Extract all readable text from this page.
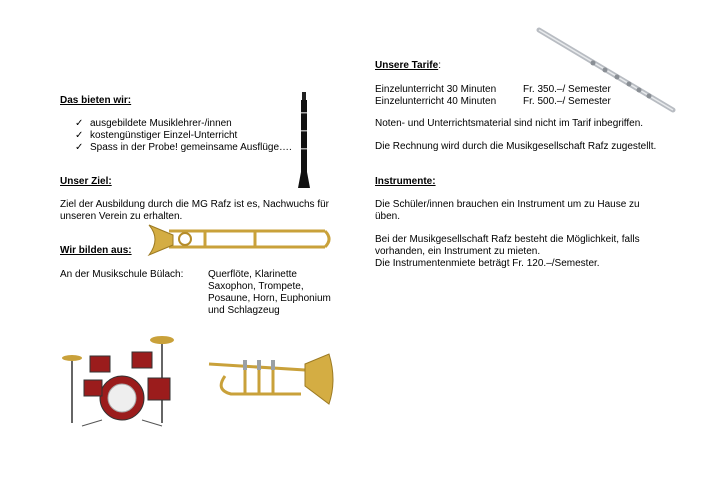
Das bieten wir:
✓ ausgebildete Musiklehrer-/innen
✓ kostengünstiger Einzel-Unterricht
✓ Spass in der Probe! gemeinsame Ausflüge….
Unser Ziel:
Ziel der Ausbildung durch die MG Rafz ist es, Nachwuchs für
unseren Verein zu erhalten.
Wir bilden aus:
An der Musikschule Bülach: Querflöte, Klarinette
Saxophon, Trompete,
Posaune, Horn, Euphonium
und Schlagzeug
Unsere Tarife:
Einzelunterricht 30 Minuten	Fr. 350.–/ Semester
Einzelunterricht 40 Minuten	Fr. 500.–/ Semester
Noten- und Unterrichtsmaterial sind nicht im Tarif inbegriffen.
Die Rechnung wird durch die Musikgesellschaft Rafz zugestellt.
Instrumente:
Die Schüler/innen brauchen ein Instrument um zu Hause zu
üben.
Bei der Musikgesellschaft Rafz besteht die Möglichkeit, falls
vorhanden, ein Instrument zu mieten.
Die Instrumentenmiete beträgt Fr. 120.–/Semester.
